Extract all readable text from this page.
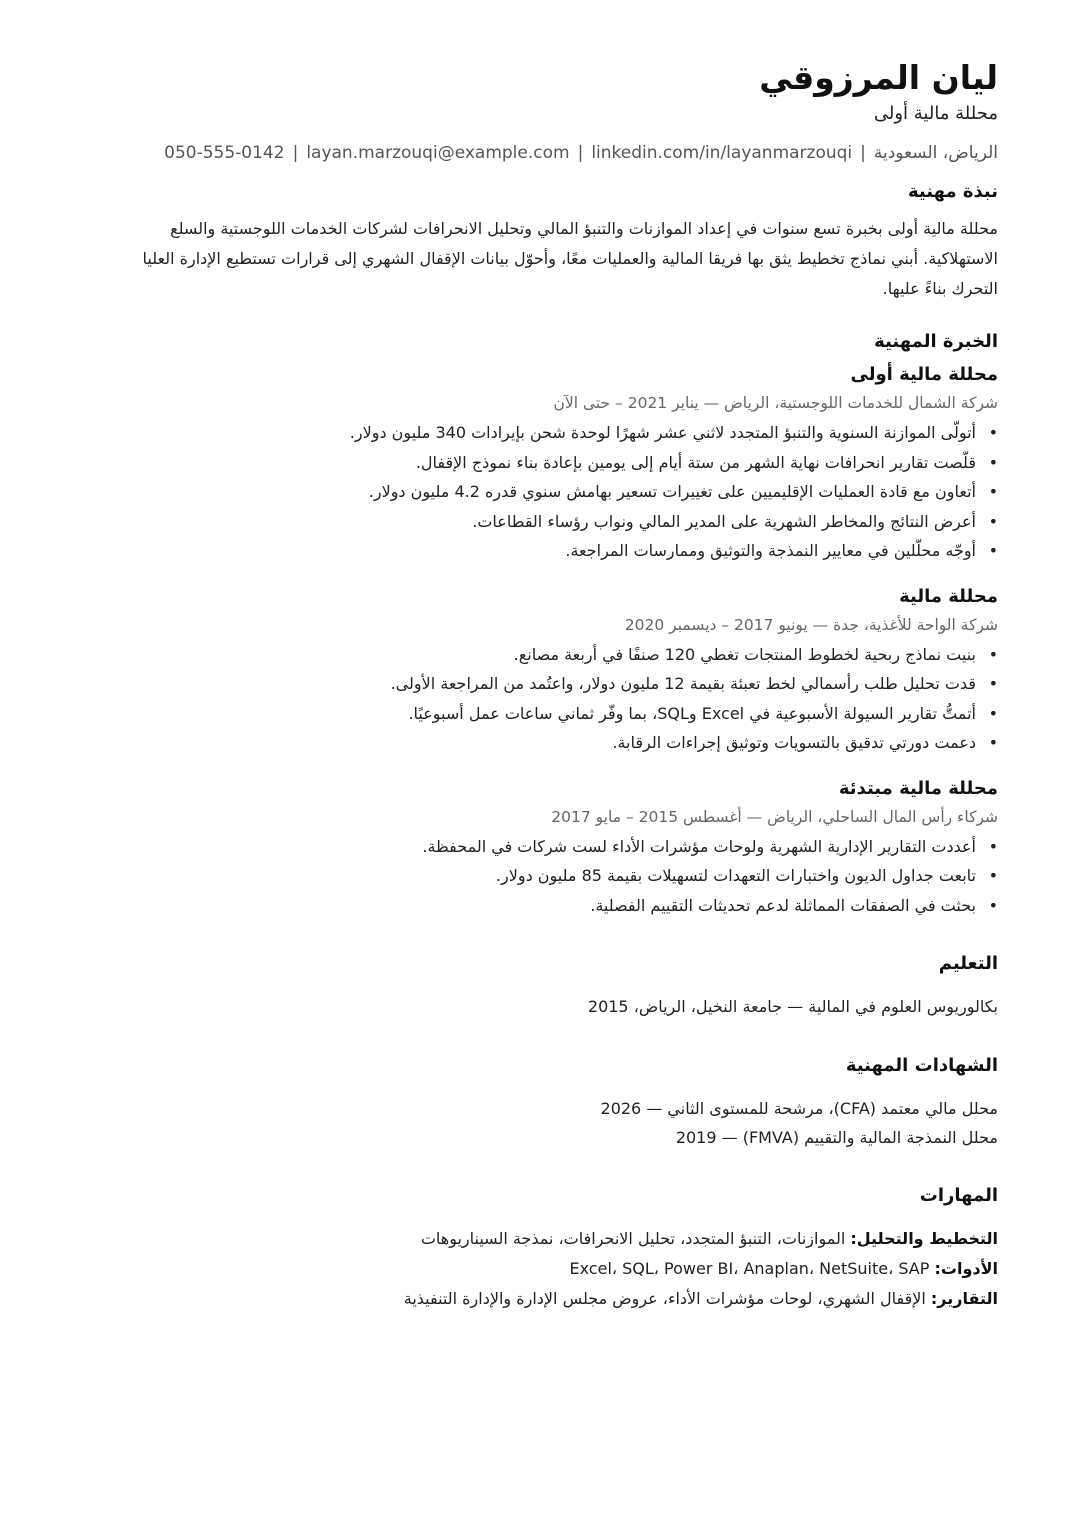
ليان المرزوقي

محللة مالية أولى

الرياض، السعودية|linkedin.com/in/layanmarzouqi|layan.marzouqi@example.com|050-555-0142

نبذة مهنية

محللة مالية أولى بخبرة تسع سنوات في إعداد الموازنات والتنبؤ المالي وتحليل الانحرافات لشركات الخدمات اللوجستية والسلع الاستهلاكية. أبني نماذج تخطيط يثق بها فريقا المالية والعمليات معًا، وأحوّل بيانات الإقفال الشهري إلى قرارات تستطيع الإدارة العليا التحرك بناءً عليها.

الخبرة المهنية
محللة مالية أولى

شركة الشمال للخدمات اللوجستية، الرياض — يناير 2021 – حتى الآن

•
أتولّى الموازنة السنوية والتنبؤ المتجدد لاثني عشر شهرًا لوحدة شحن بإيرادات 340 مليون دولار.
•
قلّصت تقارير انحرافات نهاية الشهر من ستة أيام إلى يومين بإعادة بناء نموذج الإقفال.
•
أتعاون مع قادة العمليات الإقليميين على تغييرات تسعير بهامش سنوي قدره 4.2 مليون دولار.
•
أعرض النتائج والمخاطر الشهرية على المدير المالي ونواب رؤساء القطاعات.
•
أوجّه محلّلين في معايير النمذجة والتوثيق وممارسات المراجعة.
محللة مالية

شركة الواحة للأغذية، جدة — يونيو 2017 – ديسمبر 2020

•
بنيت نماذج ربحية لخطوط المنتجات تغطي 120 صنفًا في أربعة مصانع.
•
قدت تحليل طلب رأسمالي لخط تعبئة بقيمة 12 مليون دولار، واعتُمد من المراجعة الأولى.
•
أتمتُّ تقارير السيولة الأسبوعية في Excel وSQL، بما وفّر ثماني ساعات عمل أسبوعيًا.
•
دعمت دورتي تدقيق بالتسويات وتوثيق إجراءات الرقابة.
محللة مالية مبتدئة

شركاء رأس المال الساحلي، الرياض — أغسطس 2015 – مايو 2017

•
أعددت التقارير الإدارية الشهرية ولوحات مؤشرات الأداء لست شركات في المحفظة.
•
تابعت جداول الديون واختبارات التعهدات لتسهيلات بقيمة 85 مليون دولار.
•
بحثت في الصفقات المماثلة لدعم تحديثات التقييم الفصلية.
التعليم

بكالوريوس العلوم في المالية — جامعة النخيل، الرياض، 2015

الشهادات المهنية

محلل مالي معتمد (CFA)، مرشحة للمستوى الثاني — 2026

محلل النمذجة المالية والتقييم (FMVA) — 2019

المهارات

التخطيط والتحليل: الموازنات، التنبؤ المتجدد، تحليل الانحرافات، نمذجة السيناريوهات

الأدوات: Excel، SQL، Power BI، Anaplan، NetSuite، SAP

التقارير: الإقفال الشهري، لوحات مؤشرات الأداء، عروض مجلس الإدارة والإدارة التنفيذية
